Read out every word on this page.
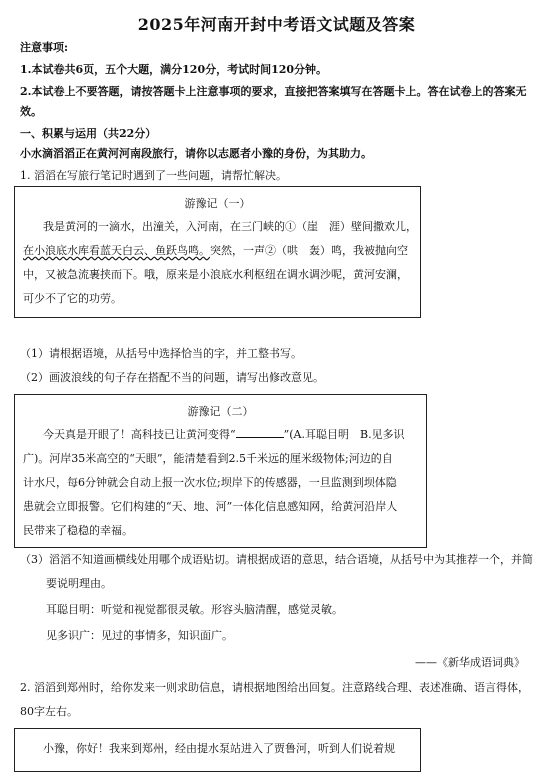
2025年河南开封中考语文试题及答案
注意事项:
1.本试卷共6页，五个大题，满分120分，考试时间120分钟。
2.本试卷上不要答题，请按答题卡上注意事项的要求，直接把答案填写在答题卡上。答在试卷上的答案无
效。
一、积累与运用（共22分）
小水滴滔滔正在黄河河南段旅行，请你以志愿者小豫的身份，为其助力。
1. 滔滔在写旅行笔记时遇到了一些问题，请帮忙解决。
游豫记（一）
我是黄河的一滴水，出潼关，入河南，在三门峡的①（崖　涯）壁间撒欢儿，
在小浪底水库看蓝天白云、鱼跃鸟鸣。突然，一声②（哄　轰）鸣，我被抛向空
中，又被急流裹挟而下。哦，原来是小浪底水利枢纽在调水调沙呢，黄河安澜，
可少不了它的功劳。
（1）请根据语境，从括号中选择恰当的字，并工整书写。
（2）画波浪线的句子存在搭配不当的问题，请写出修改意见。
游豫记（二）
今天真是开眼了！高科技已让黄河变得“	”(A.耳聪目明　B.见多识
广)。河岸35米高空的“天眼”，能清楚看到2.5千米远的厘米级物体;河边的自
计水尺，每6分钟就会自动上报一次水位;坝岸下的传感器，一旦监测到坝体隐
患就会立即报警。它们构建的“天、地、河”一体化信息感知网，给黄河沿岸人
民带来了稳稳的幸福。
（3）滔滔不知道画横线处用哪个成语贴切。请根据成语的意思，结合语境，从括号中为其推荐一个，并简
要说明理由。
耳聪目明：听觉和视觉都很灵敏。形容头脑清醒，感觉灵敏。
见多识广：见过的事情多，知识面广。
——《新华成语词典》
2. 滔滔到郑州时，给你发来一则求助信息，请根据地图给出回复。注意路线合理、表述准确、语言得体，
80字左右。
小豫，你好！我来到郑州，经由提水泵站进入了贾鲁河，听到人们说着规
